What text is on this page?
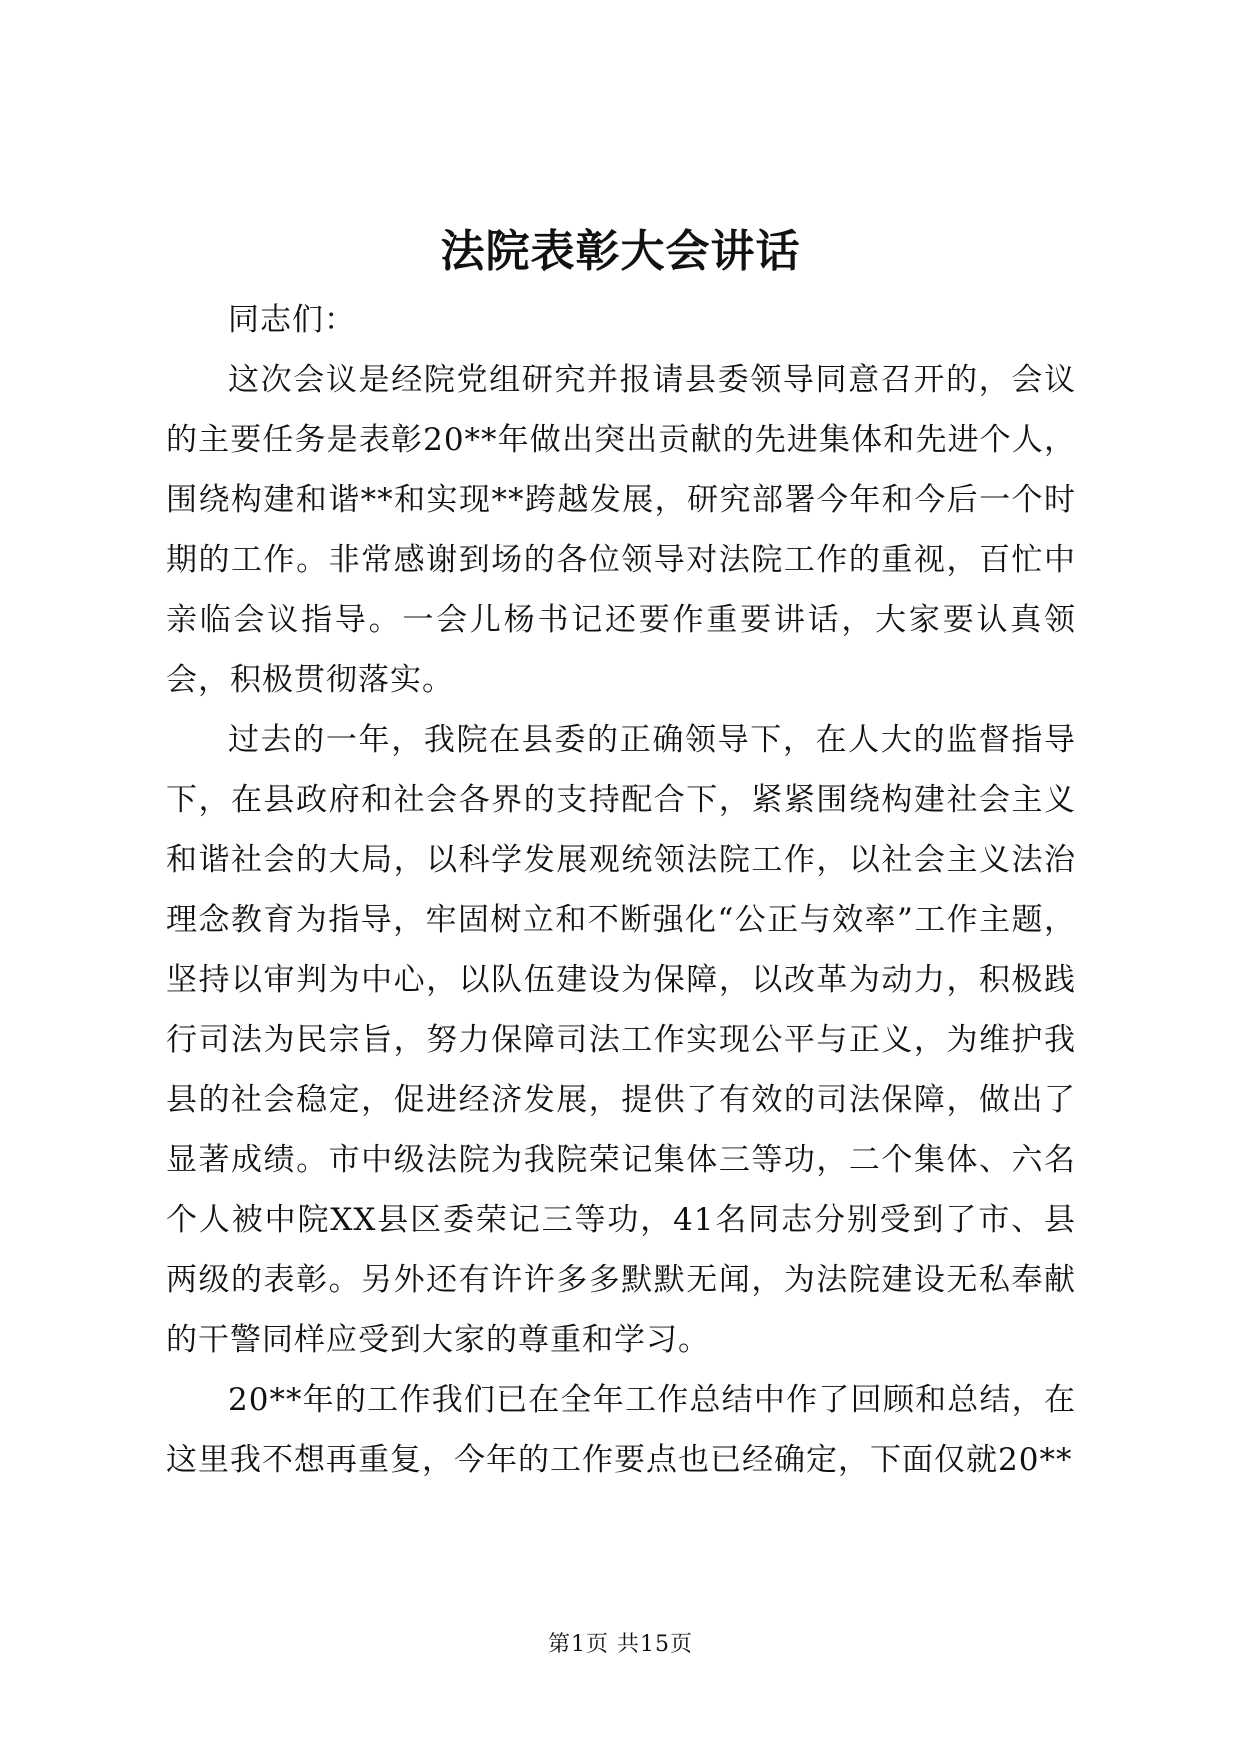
法院表彰大会讲话

同志们：

这次会议是经院党组研究并报请县委领导同意召开的，会议的主要任务是表彰20**年做出突出贡献的先进集体和先进个人，围绕构建和谐**和实现**跨越发展，研究部署今年和今后一个时期的工作。非常感谢到场的各位领导对法院工作的重视，百忙中亲临会议指导。一会儿杨书记还要作重要讲话，大家要认真领会，积极贯彻落实。

过去的一年，我院在县委的正确领导下，在人大的监督指导下，在县政府和社会各界的支持配合下，紧紧围绕构建社会主义和谐社会的大局，以科学发展观统领法院工作，以社会主义法治理念教育为指导，牢固树立和不断强化“公正与效率”工作主题，坚持以审判为中心，以队伍建设为保障，以改革为动力，积极践行司法为民宗旨，努力保障司法工作实现公平与正义，为维护我县的社会稳定，促进经济发展，提供了有效的司法保障，做出了显著成绩。市中级法院为我院荣记集体三等功，二个集体、六名个人被中院XX县区委荣记三等功，41名同志分别受到了市、县两级的表彰。另外还有许许多多默默无闻，为法院建设无私奉献的干警同样应受到大家的尊重和学习。

20**年的工作我们已在全年工作总结中作了回顾和总结，在这里我不想再重复，今年的工作要点也已经确定，下面仅就20**

第1页 共15页
